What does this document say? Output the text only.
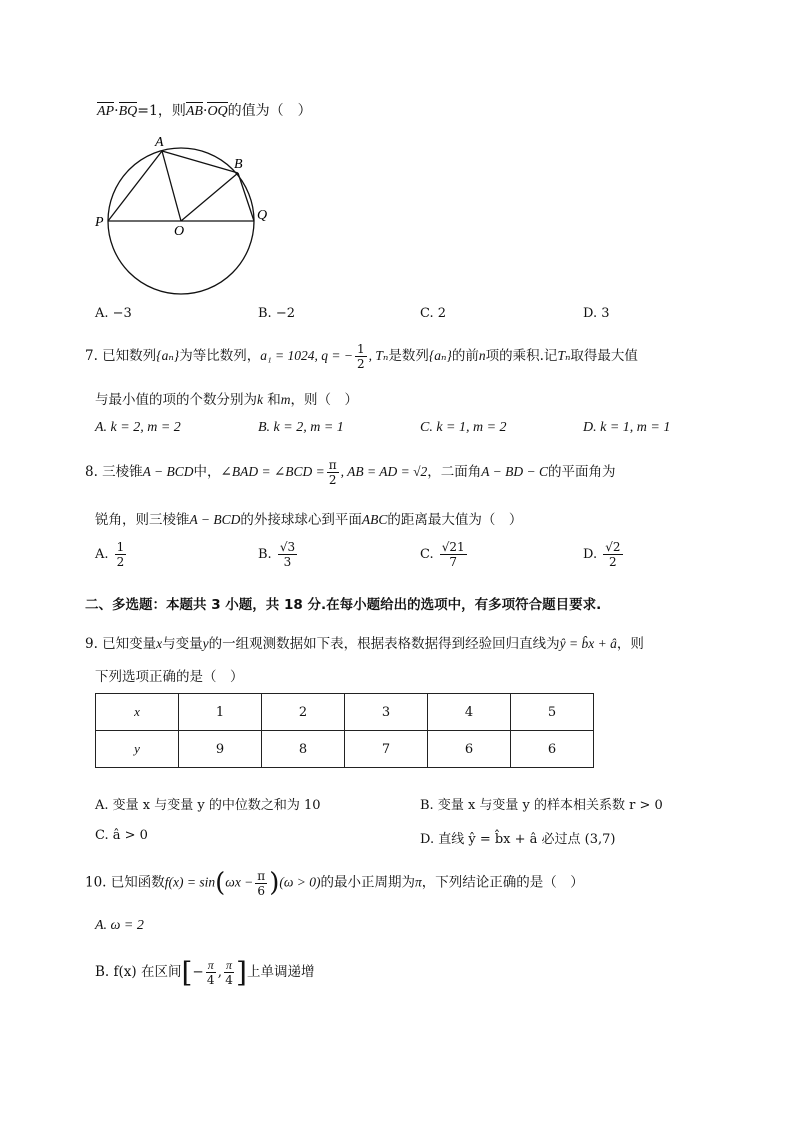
AP·BQ=1，则AB·OQ的值为（　）
A
B
P
O
Q
A. −3	B. −2	C. 2	D. 3
7. 已知数列{aₙ}为等比数列，a₁ = 1024, q = − $\frac{1}{2}$ , Tₙ是数列{aₙ}的前n项的乘积.记Tₙ取得最大值
与最小值的项的个数分别为k 和m，则（　）
A. k = 2, m = 2	B. k = 2, m = 1	C. k = 1, m = 2	D. k = 1, m = 1
8. 三棱锥A − BCD中，∠BAD = ∠BCD = $\frac{\pi}{2}$ , AB = AD = √2，二面角A − BD − C的平面角为
锐角，则三棱锥A − BCD的外接球球心到平面ABC的距离最大值为（　）
A. $\frac{1}{2}$	B. $\frac{√3}{3}$	C. $\frac{√21}{7}$	D. $\frac{√2}{2}$
二、多选题：本题共 3 小题，共 18 分.在每小题给出的选项中，有多项符合题目要求.
9. 已知变量x与变量y的一组观测数据如下表，根据表格数据得到经验回归直线为ŷ = b̂x + â，则
下列选项正确的是（　）
x	1	2	3	4	5
y	9	8	7	6	6
A. 变量 x 与变量 y 的中位数之和为 10	B. 变量 x 与变量 y 的样本相关系数 r > 0
C. â > 0	D. 直线 ŷ = b̂x + â 必过点 (3,7)
10. 已知函数$f(x) = \sin(\omega x - \frac{\pi}{6} )(\omega > 0)$的最小正周期为π，下列结论正确的是（　）
A. ω = 2
B. f(x) 在区间[− $\frac{\pi}{4}$ , $\frac{\pi}{4}$ ]上单调递增
